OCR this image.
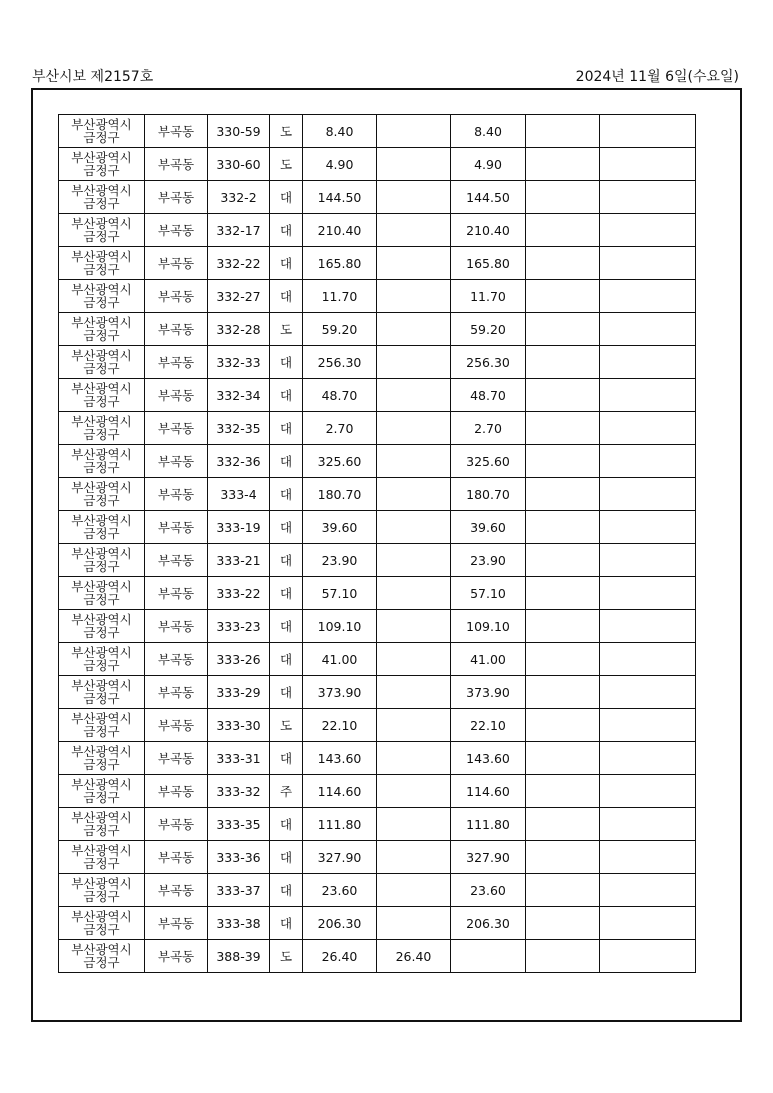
부산시보 제2157호	2024년 11월 6일(수요일)
부산광역시
금정구	부곡동	330-59	도	8.40		8.40		

부산광역시
금정구	부곡동	330-60	도	4.90		4.90		

부산광역시
금정구	부곡동	332-2	대	144.50		144.50		

부산광역시
금정구	부곡동	332-17	대	210.40		210.40		

부산광역시
금정구	부곡동	332-22	대	165.80		165.80		

부산광역시
금정구	부곡동	332-27	대	11.70		11.70		

부산광역시
금정구	부곡동	332-28	도	59.20		59.20		

부산광역시
금정구	부곡동	332-33	대	256.30		256.30		

부산광역시
금정구	부곡동	332-34	대	48.70		48.70		

부산광역시
금정구	부곡동	332-35	대	2.70		2.70		

부산광역시
금정구	부곡동	332-36	대	325.60		325.60		

부산광역시
금정구	부곡동	333-4	대	180.70		180.70		

부산광역시
금정구	부곡동	333-19	대	39.60		39.60		

부산광역시
금정구	부곡동	333-21	대	23.90		23.90		

부산광역시
금정구	부곡동	333-22	대	57.10		57.10		

부산광역시
금정구	부곡동	333-23	대	109.10		109.10		

부산광역시
금정구	부곡동	333-26	대	41.00		41.00		

부산광역시
금정구	부곡동	333-29	대	373.90		373.90		

부산광역시
금정구	부곡동	333-30	도	22.10		22.10		

부산광역시
금정구	부곡동	333-31	대	143.60		143.60		

부산광역시
금정구	부곡동	333-32	주	114.60		114.60		

부산광역시
금정구	부곡동	333-35	대	111.80		111.80		

부산광역시
금정구	부곡동	333-36	대	327.90		327.90		

부산광역시
금정구	부곡동	333-37	대	23.60		23.60		

부산광역시
금정구	부곡동	333-38	대	206.30		206.30		

부산광역시
금정구	부곡동	388-39	도	26.40	26.40			
